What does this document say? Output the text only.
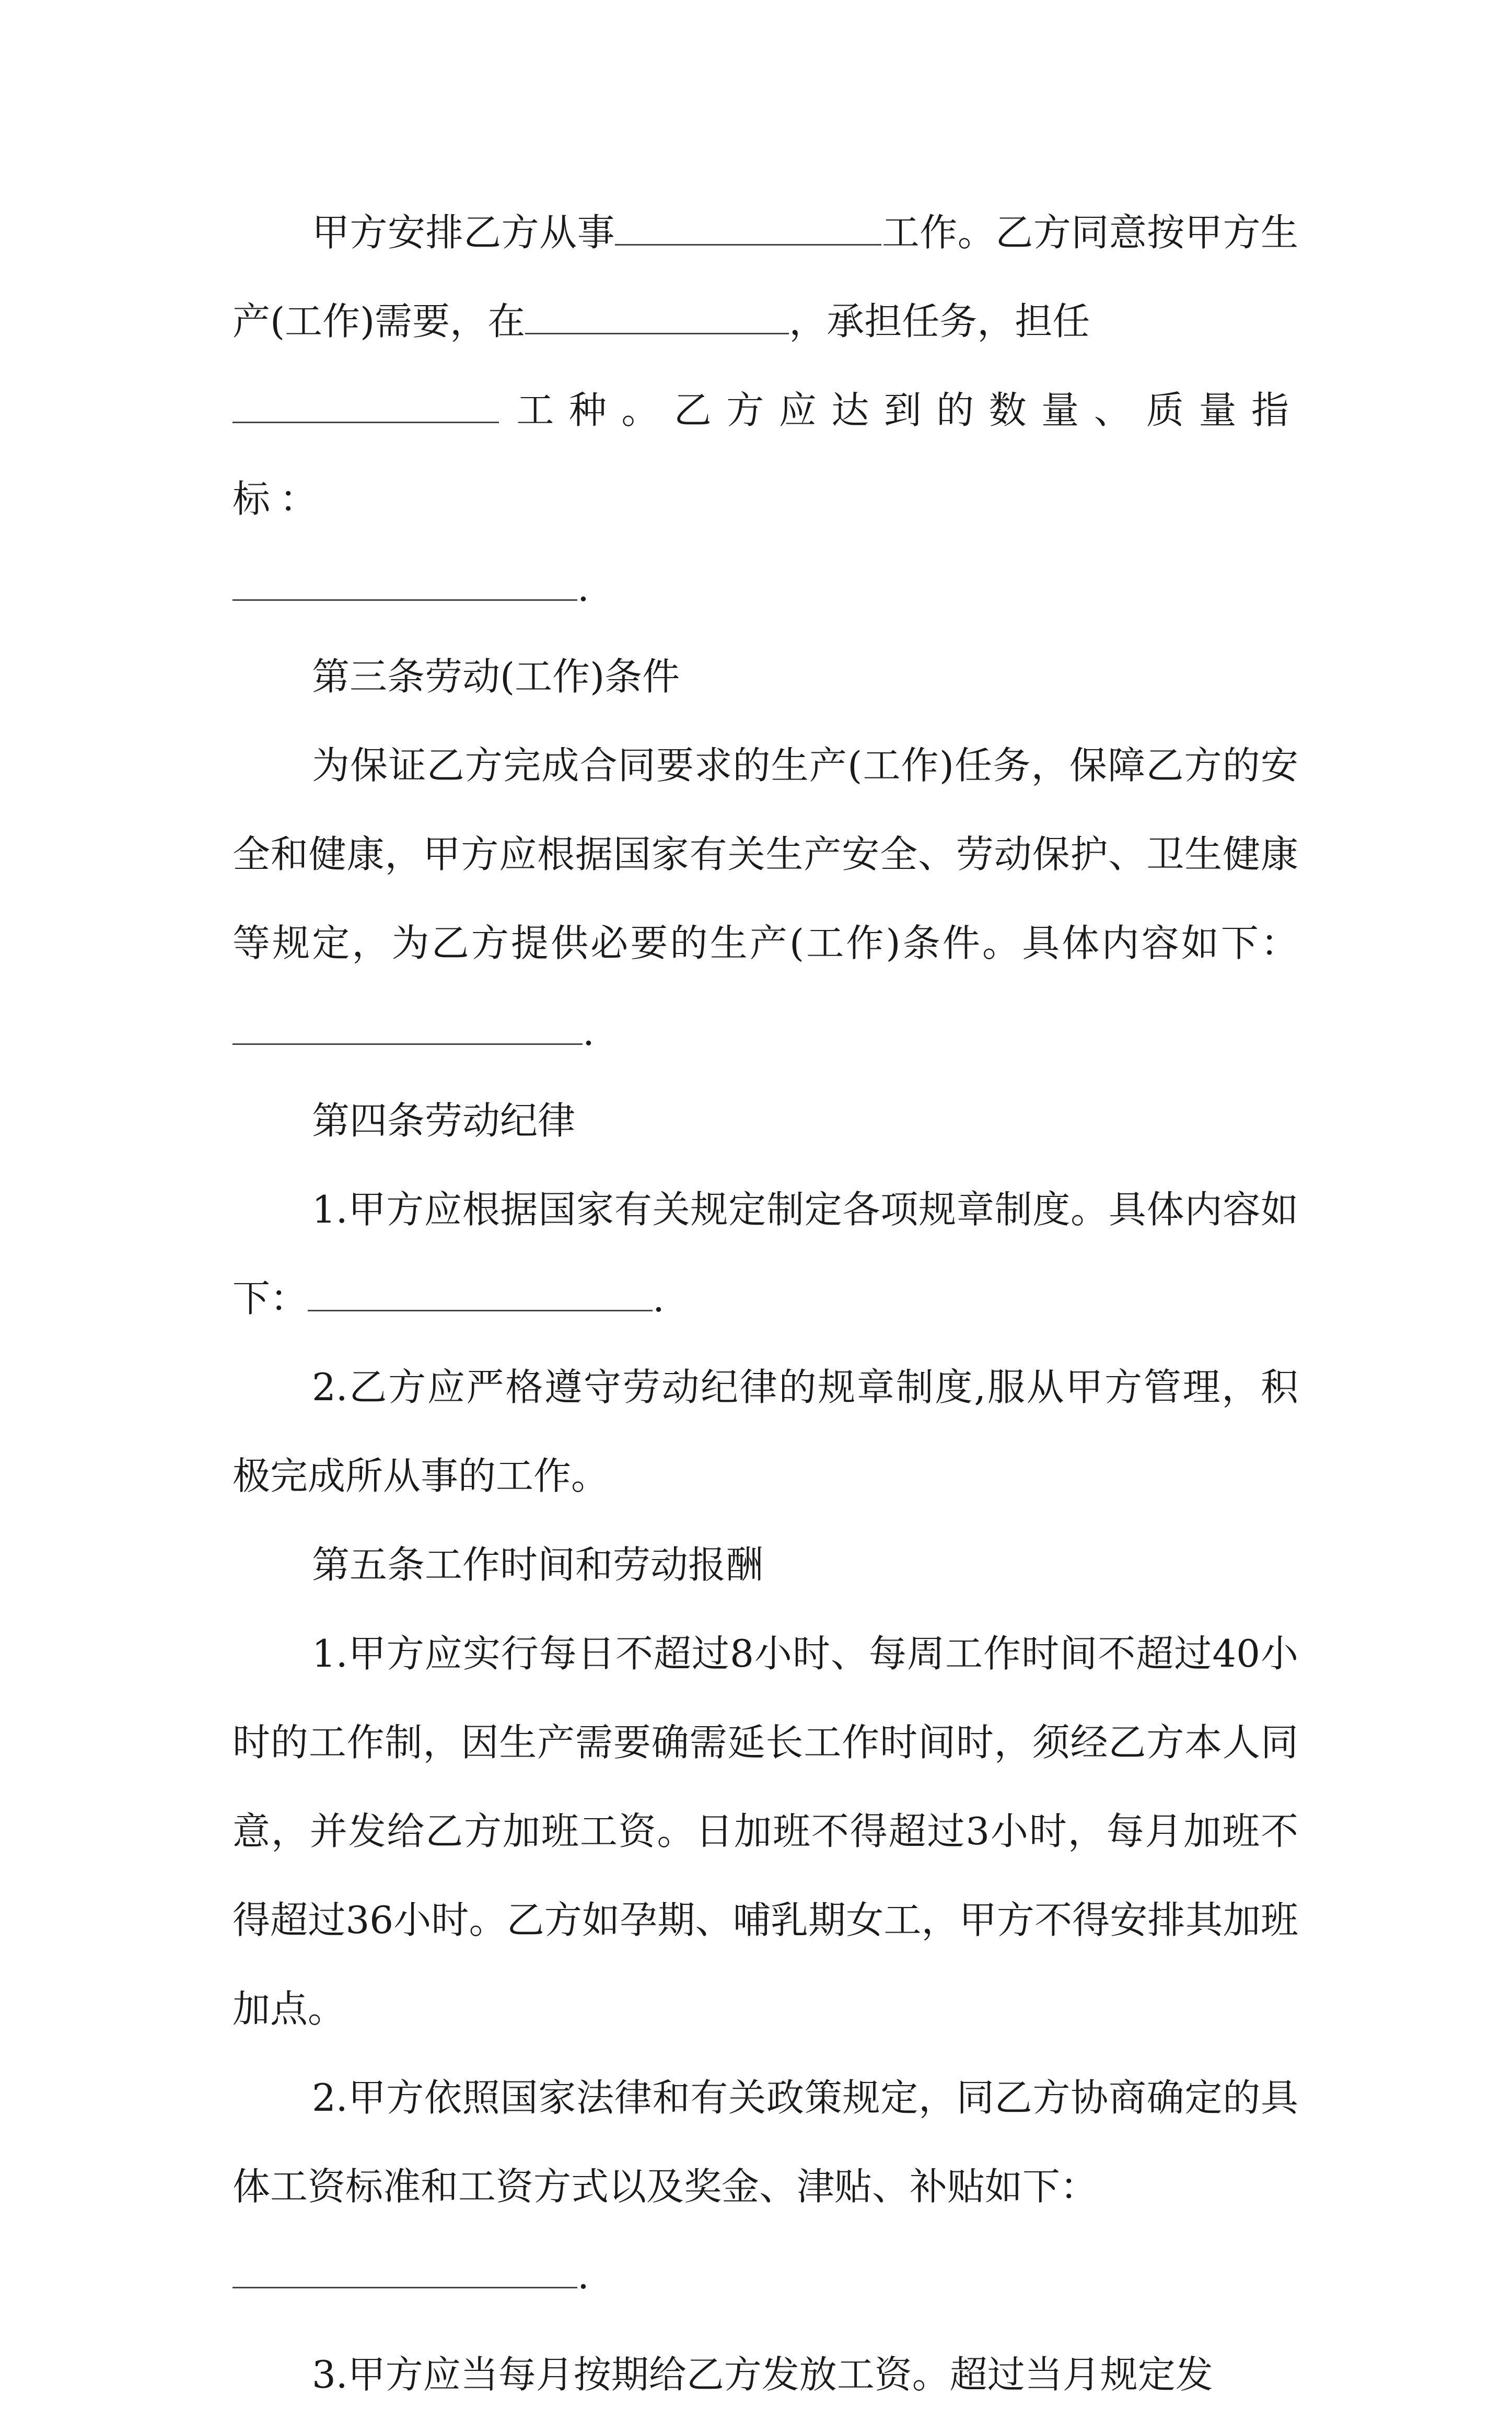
甲方安排乙方从事	工作。乙方同意按甲方生产(工作)需要，在	，承担任务，担任
工种。乙方应达到的数量、质量指标：
.

第三条劳动(工作)条件

为保证乙方完成合同要求的生产(工作)任务，保障乙方的安全和健康，甲方应根据国家有关生产安全、劳动保护、卫生健康等规定，为乙方提供必要的生产(工作)条件。具体内容如下：.

第四条劳动纪律

1.甲方应根据国家有关规定制定各项规章制度。具体内容如下：	.

2.乙方应严格遵守劳动纪律的规章制度,服从甲方管理，积极完成所从事的工作。

第五条工作时间和劳动报酬

1.甲方应实行每日不超过8小时、每周工作时间不超过40小时的工作制，因生产需要确需延长工作时间时，须经乙方本人同意，并发给乙方加班工资。日加班不得超过3小时，每月加班不得超过36小时。乙方如孕期、哺乳期女工，甲方不得安排其加班加点。

2.甲方依照国家法律和有关政策规定，同乙方协商确定的具体工资标准和工资方式以及奖金、津贴、补贴如下：
.

3.甲方应当每月按期给乙方发放工资。超过当月规定发
